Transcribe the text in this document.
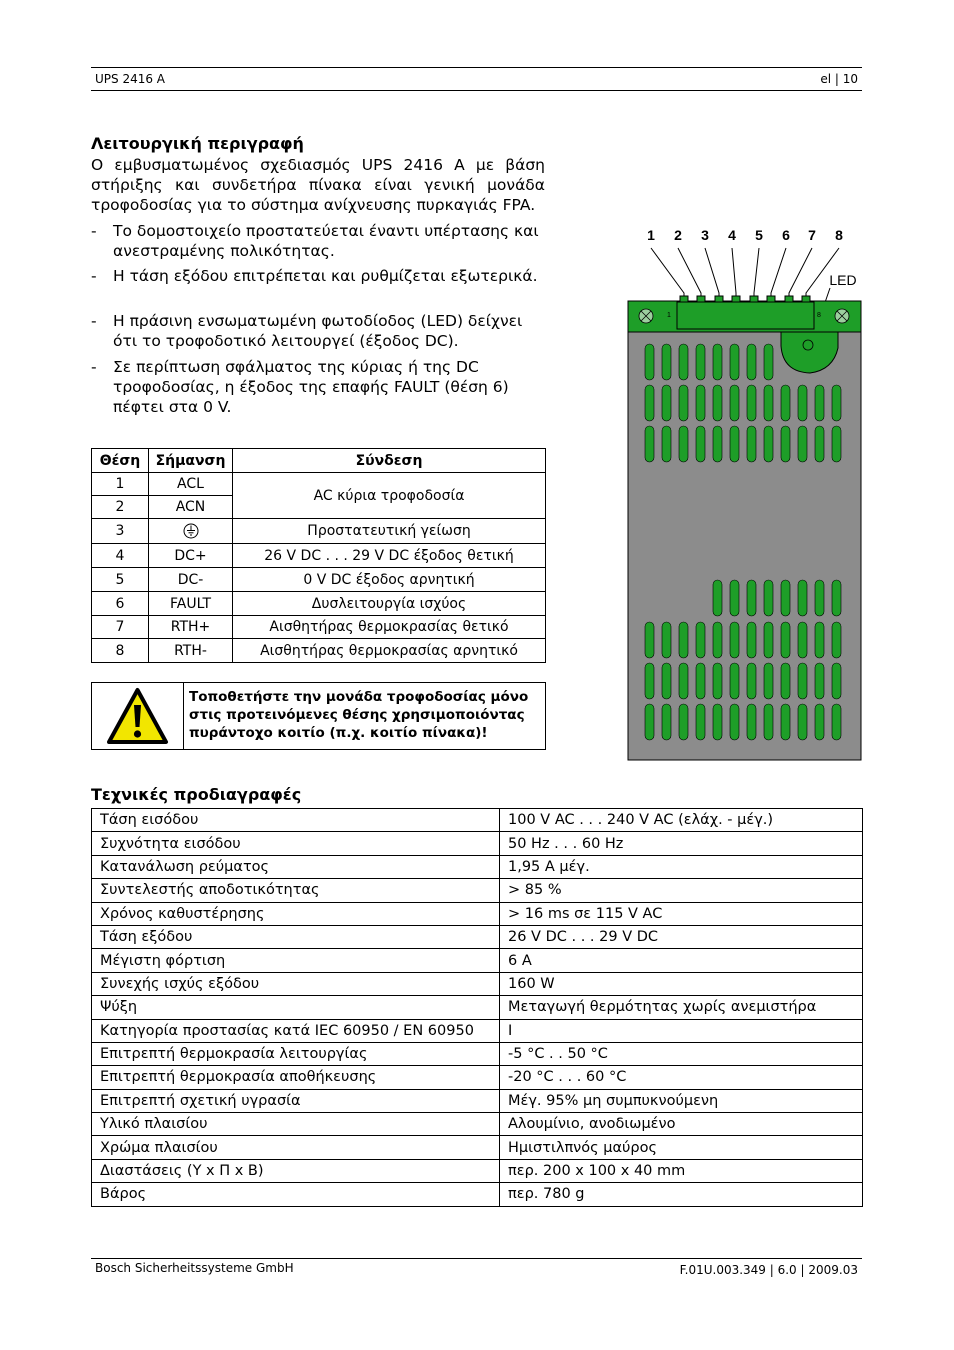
UPS 2416 A	el | 10
Λειτουργική περιγραφή
Ο εμβυσματωμένος σχεδιασμός UPS 2416 A με βάση στήριξης και συνδετήρα πίνακα είναι γενική μονάδα τροφοδοσίας για το σύστημα ανίχνευσης πυρκαγιάς FPA.
- Το δομοστοιχείο προστατεύεται έναντι υπέρτασης και ανεστραμένης πολικότητας.
- Η τάση εξόδου επιτρέπεται και ρυθμίζεται εξωτερικά.
- Η πράσινη ενσωματωμένη φωτοδίοδος (LED) δείχνει ότι το τροφοδοτικό λειτουργεί (έξοδος DC).
- Σε περίπτωση σφάλματος της κύριας ή της DC τροφοδοσίας, η έξοδος της επαφής FAULT (θέση 6) πέφτει στα 0 V.
Θέση	Σήμανση	Σύνδεση
1	ACL	AC κύρια τροφοδοσία
2	ACN	
3		Προστατευτική γείωση
4	DC+	26 V DC . . . 29 V DC έξοδος θετική
5	DC-	0 V DC έξοδος αρνητική
6	FAULT	Δυσλειτουργία ισχύος
7	RTH+	Αισθητήρας θερμοκρασίας θετικό
8	RTH-	Αισθητήρας θερμοκρασίας αρνητικό
Τοποθετήστε την μονάδα τροφοδοσίας μόνο στις προτεινόμενες θέσης χρησιμοποιόντας πυράντοχο κοιτίο (π.χ. κοιτίο πίνακα)!
1 2 3 4 5 6 7 8
LED
1	8
Τεχνικές προδιαγραφές
Τάση εισόδου	100 V AC . . . 240 V AC (ελάχ. - μέγ.)
Συχνότητα εισόδου	50 Hz . . . 60 Hz
Κατανάλωση ρεύματος	1,95 A μέγ.
Συντελεστής αποδοτικότητας	> 85 %
Χρόνος καθυστέρησης	> 16 ms σε 115 V AC
Τάση εξόδου	26 V DC . . . 29 V DC
Μέγιστη φόρτιση	6 A
Συνεχής ισχύς εξόδου	160 W
Ψύξη	Μεταγωγή θερμότητας χωρίς ανεμιστήρα
Κατηγορία προστασίας κατά IEC 60950 / EN 60950	I
Επιτρεπτή θερμοκρασία λειτουργίας	-5 °C . . 50 °C
Επιτρεπτή θερμοκρασία αποθήκευσης	-20 °C . . . 60 °C
Επιτρεπτή σχετική υγρασία	Μέγ. 95% μη συμπυκνούμενη
Υλικό πλαισίου	Αλουμίνιο, ανοδιωμένο
Χρώμα πλαισίου	Ημιστιλπνός μαύρος
Διαστάσεις (Υ x Π x Β)	περ. 200 x 100 x 40 mm
Βάρος	περ. 780 g
Bosch Sicherheitssysteme GmbH	F.01U.003.349 | 6.0 | 2009.03
